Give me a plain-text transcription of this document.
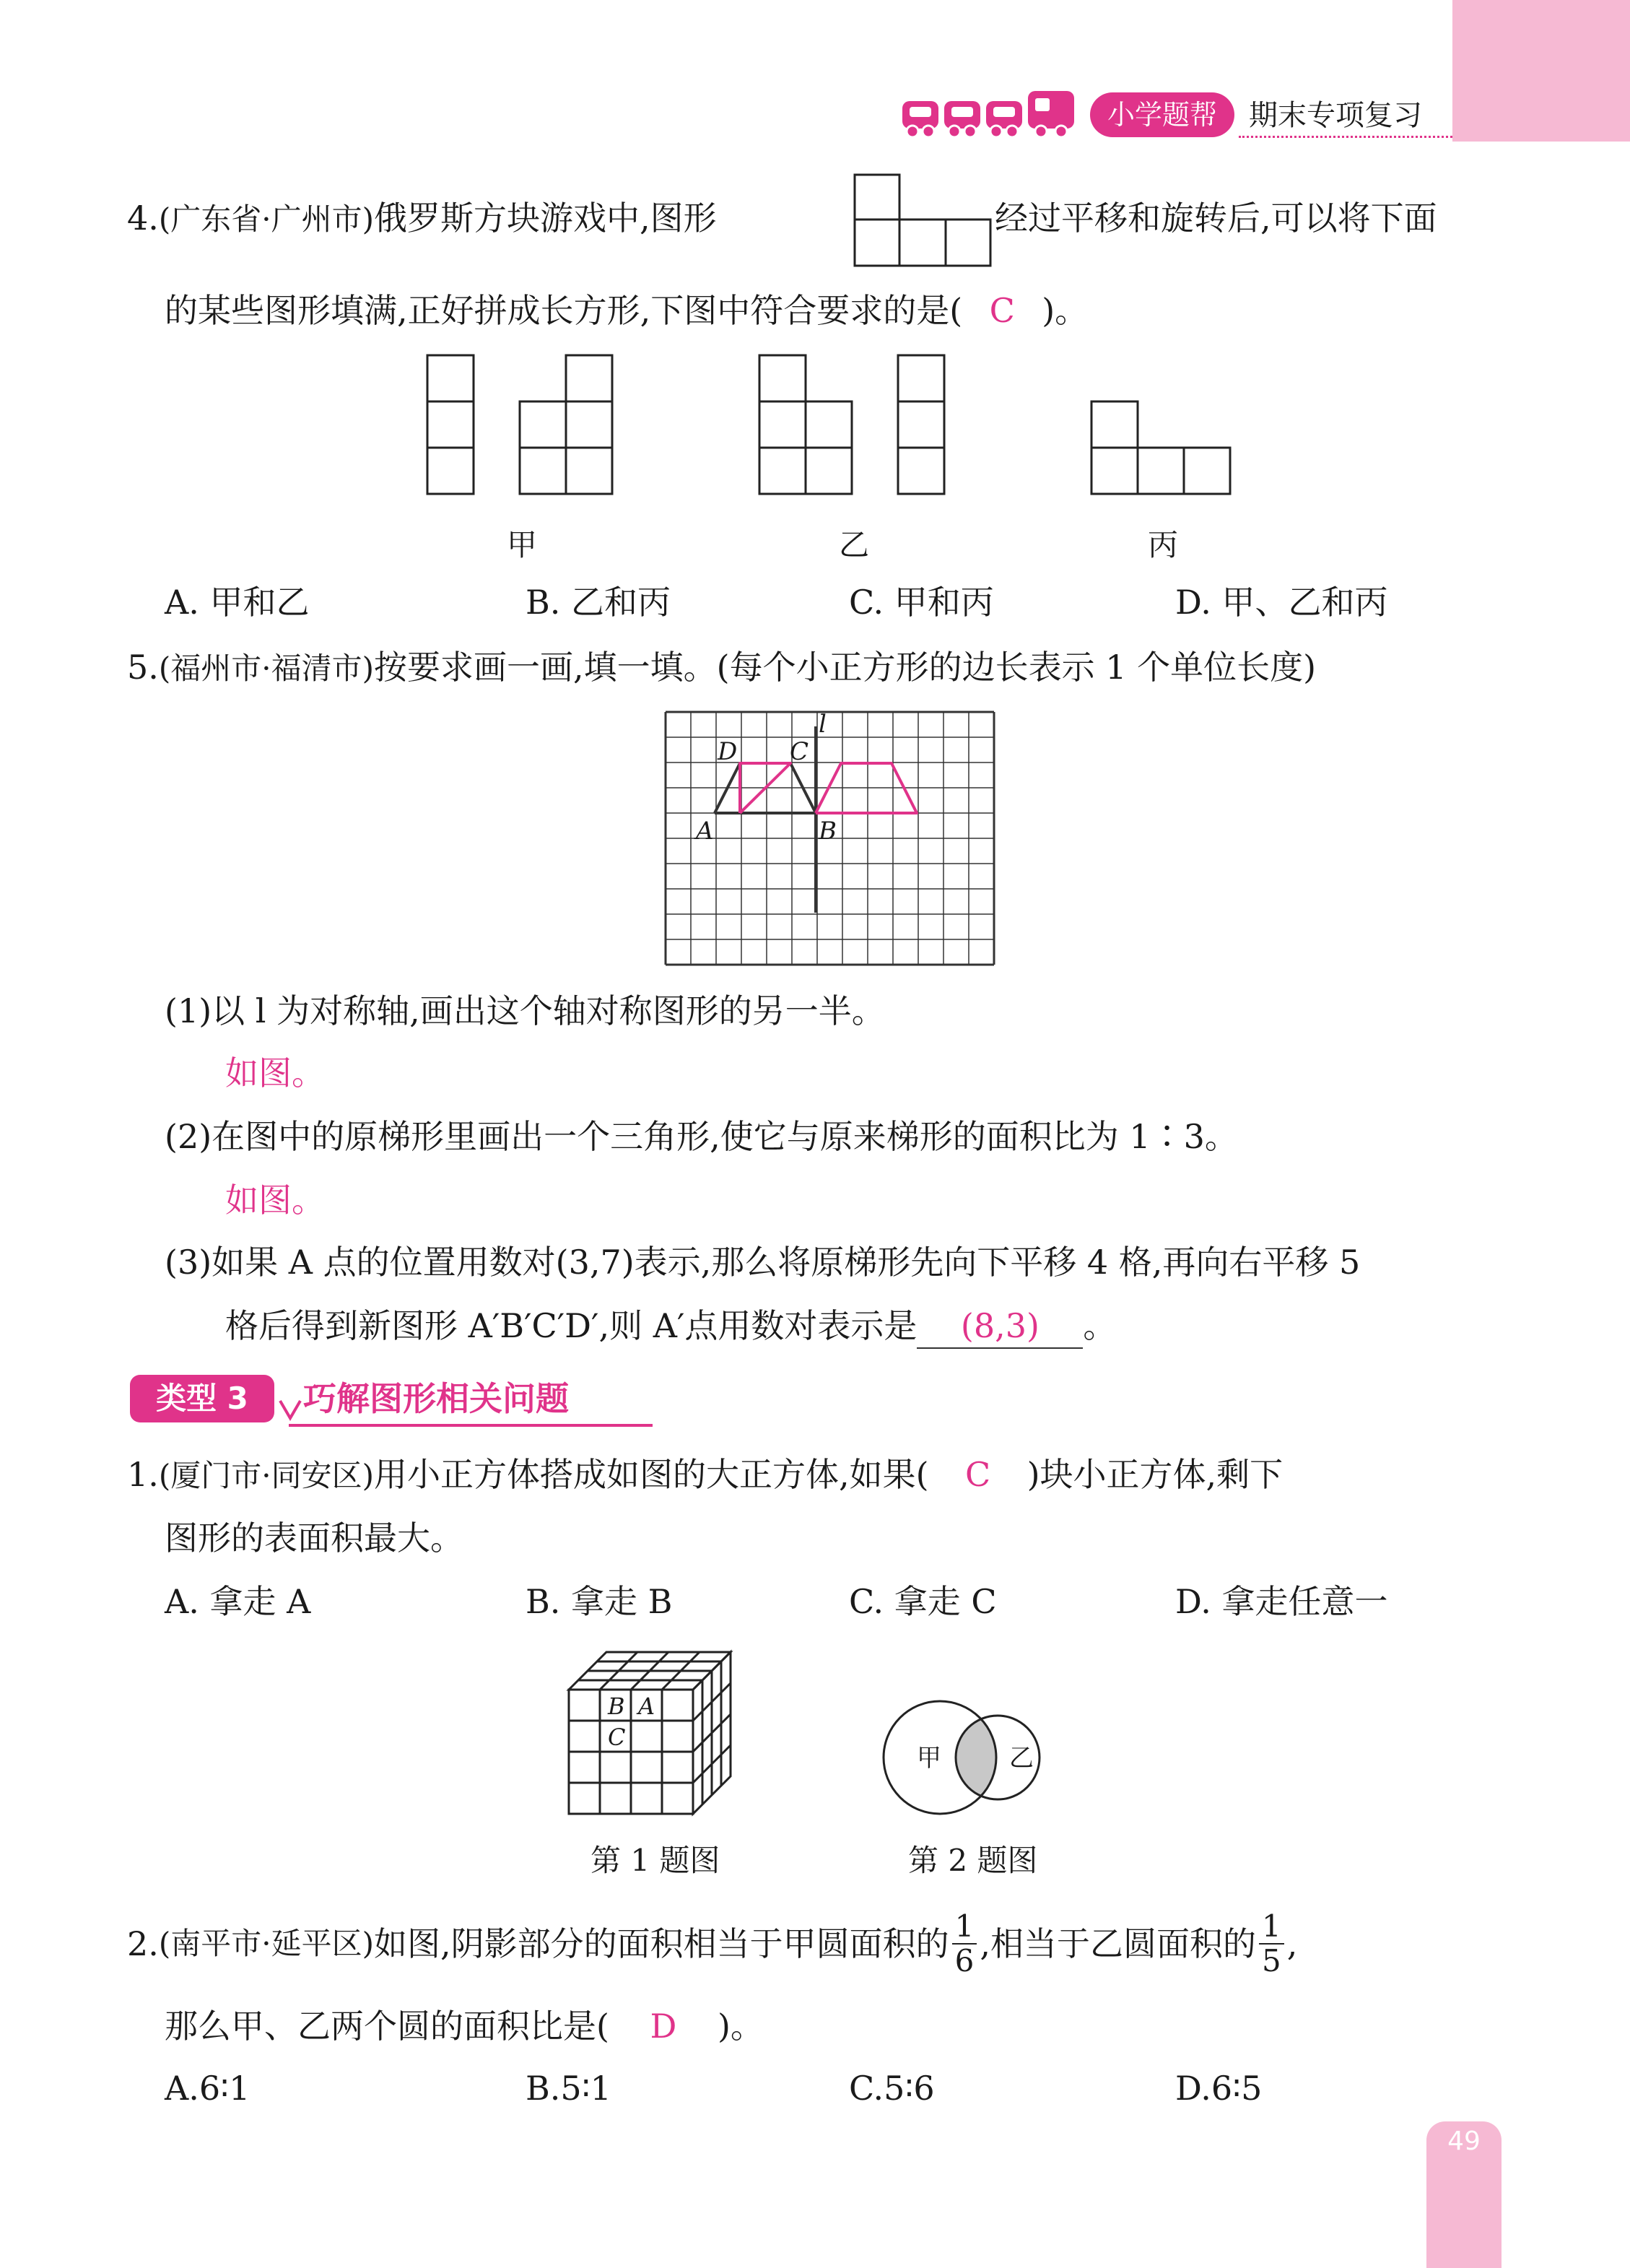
小学题帮	期末专项复习
4.(广东省·广州市)俄罗斯方块游戏中,图形	经过平移和旋转后,可以将下面
的某些图形填满,正好拼成长方形,下图中符合要求的是( C )。
甲	乙	丙
A. 甲和乙	B. 乙和丙	C. 甲和丙	D. 甲、乙和丙
5.(福州市·福清市)按要求画一画,填一填。(每个小正方形的边长表示 1 个单位长度)
D C
A	B
l
(1)以 l 为对称轴,画出这个轴对称图形的另一半。
如图。
(2)在图中的原梯形里画出一个三角形,使它与原来梯形的面积比为 1∶3。
如图。
(3)如果 A 点的位置用数对(3,7)表示,那么将原梯形先向下平移 4 格,再向右平移 5
格后得到新图形 A′B′C′D′,则 A′点用数对表示是 (8,3) 。
类型 3	巧解图形相关问题
1.(厦门市·同安区)用小正方体搭成如图的大正方体,如果( C )块小正方体,剩下
图形的表面积最大。
A. 拿走 A	B. 拿走 B	C. 拿走 C	D. 拿走任意一
B A
C
第 1 题图
甲	乙
第 2 题图
2. (南平市·延平区) 如图,阴影部分的面积相当于甲圆面积的 $\frac{1}{6}$ ,相当于乙圆面积的 $\frac{1}{5}$ ,
那么甲、乙两个圆的面积比是( D )。
A.6∶1	B.5∶1	C.5∶6	D.6∶5
49
